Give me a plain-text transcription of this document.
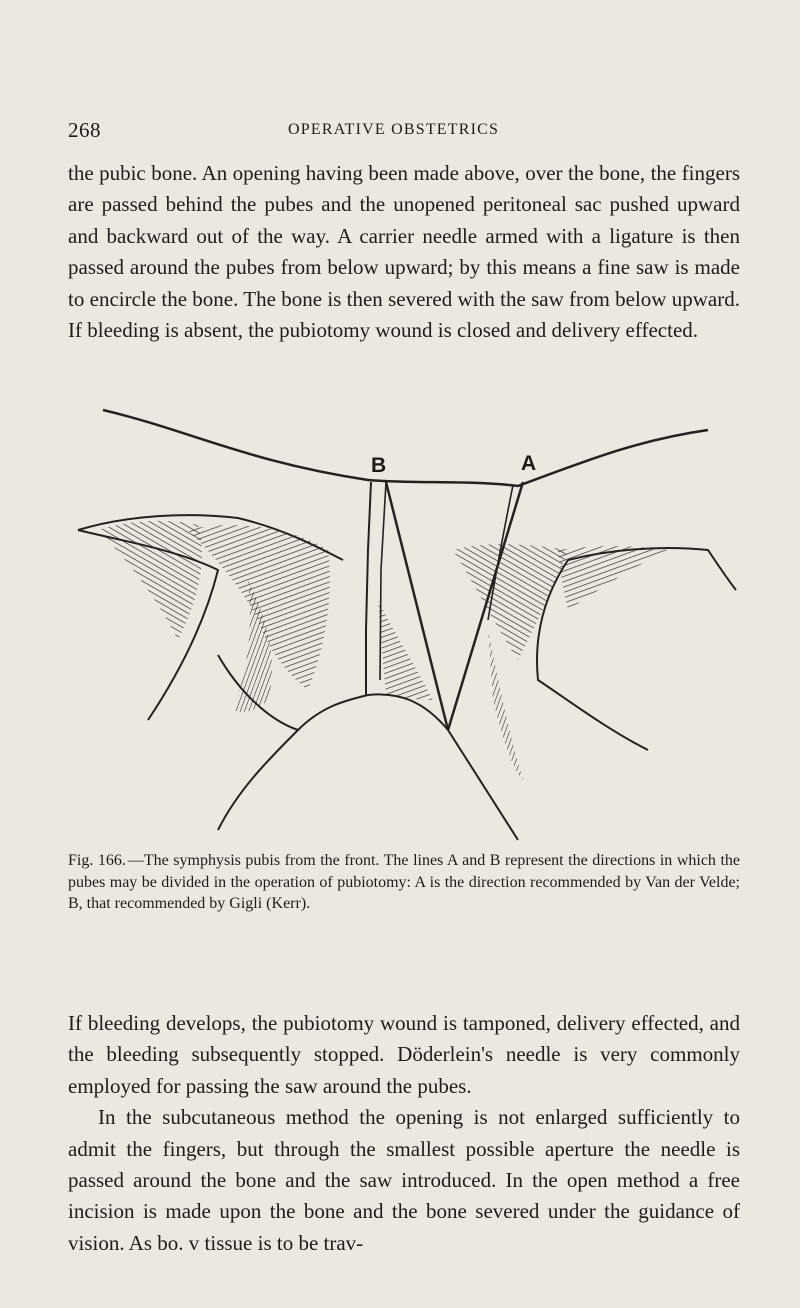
268	OPERATIVE OBSTETRICS

the pubic bone. An opening having been made above, over the bone, the fingers are passed behind the pubes and the unopened peritoneal sac pushed upward and backward out of the way. A carrier needle armed with a ligature is then passed around the pubes from below upward; by this means a fine saw is made to encircle the bone. The bone is then severed with the saw from below upward. If bleeding is absent, the pubiotomy wound is closed and delivery effected.

B	A

Fig. 166. —The symphysis pubis from the front. The lines A and B represent the directions in which the pubes may be divided in the operation of pubiotomy: A is the direction recommended by Van der Velde; B, that recommended by Gigli (Kerr).

If bleeding develops, the pubiotomy wound is tamponed, delivery effected, and the bleeding subsequently stopped. Döderlein's needle is very commonly employed for passing the saw around the pubes.
In the subcutaneous method the opening is not enlarged sufficiently to admit the fingers, but through the smallest possible aperture the needle is passed around the bone and the saw introduced. In the open method a free incision is made upon the bone and the bone severed under the guidance of vision. As bo. v tissue is to be trav-
